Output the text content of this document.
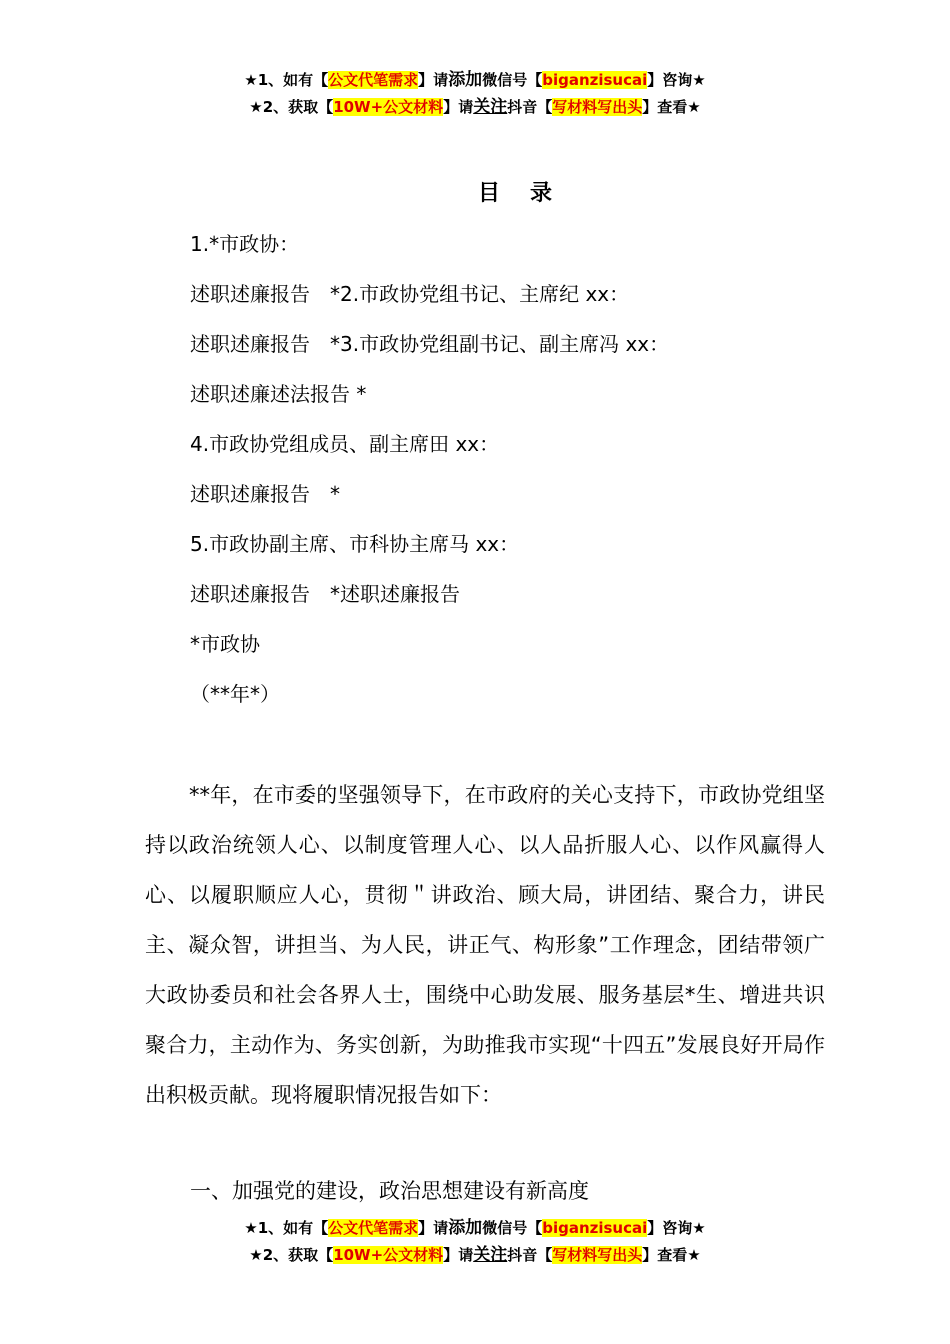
★1、如有【公文代笔需求】请添加微信号【biganzisucai】咨询★
★2、获取【10W+公文材料】请关注抖音【写材料写出头】查看★
目录
1.*市政协：
述职述廉报告　*2.市政协党组书记、主席纪 xx：
述职述廉报告　*3.市政协党组副书记、副主席冯 xx：
述职述廉述法报告 *
4.市政协党组成员、副主席田 xx：
述职述廉报告　*
5.市政协副主席、市科协主席马 xx：
述职述廉报告　*述职述廉报告
*市政协
（**年*）

**年，在市委的坚强领导下，在市政府的关心支持下，市政协党组坚持以政治统领人心、以制度管理人心、以人品折服人心、以作风赢得人心、以履职顺应人心，贯彻＂讲政治、顾大局，讲团结、聚合力，讲民主、凝众智，讲担当、为人民，讲正气、构形象”工作理念，团结带领广大政协委员和社会各界人士，围绕中心助发展、服务基层*生、增进共识聚合力，主动作为、务实创新，为助推我市实现“十四五”发展良好开局作出积极贡献。现将履职情况报告如下：

一、加强党的建设，政治思想建设有新高度
★1、如有【公文代笔需求】请添加微信号【biganzisucai】咨询★
★2、获取【10W+公文材料】请关注抖音【写材料写出头】查看★
